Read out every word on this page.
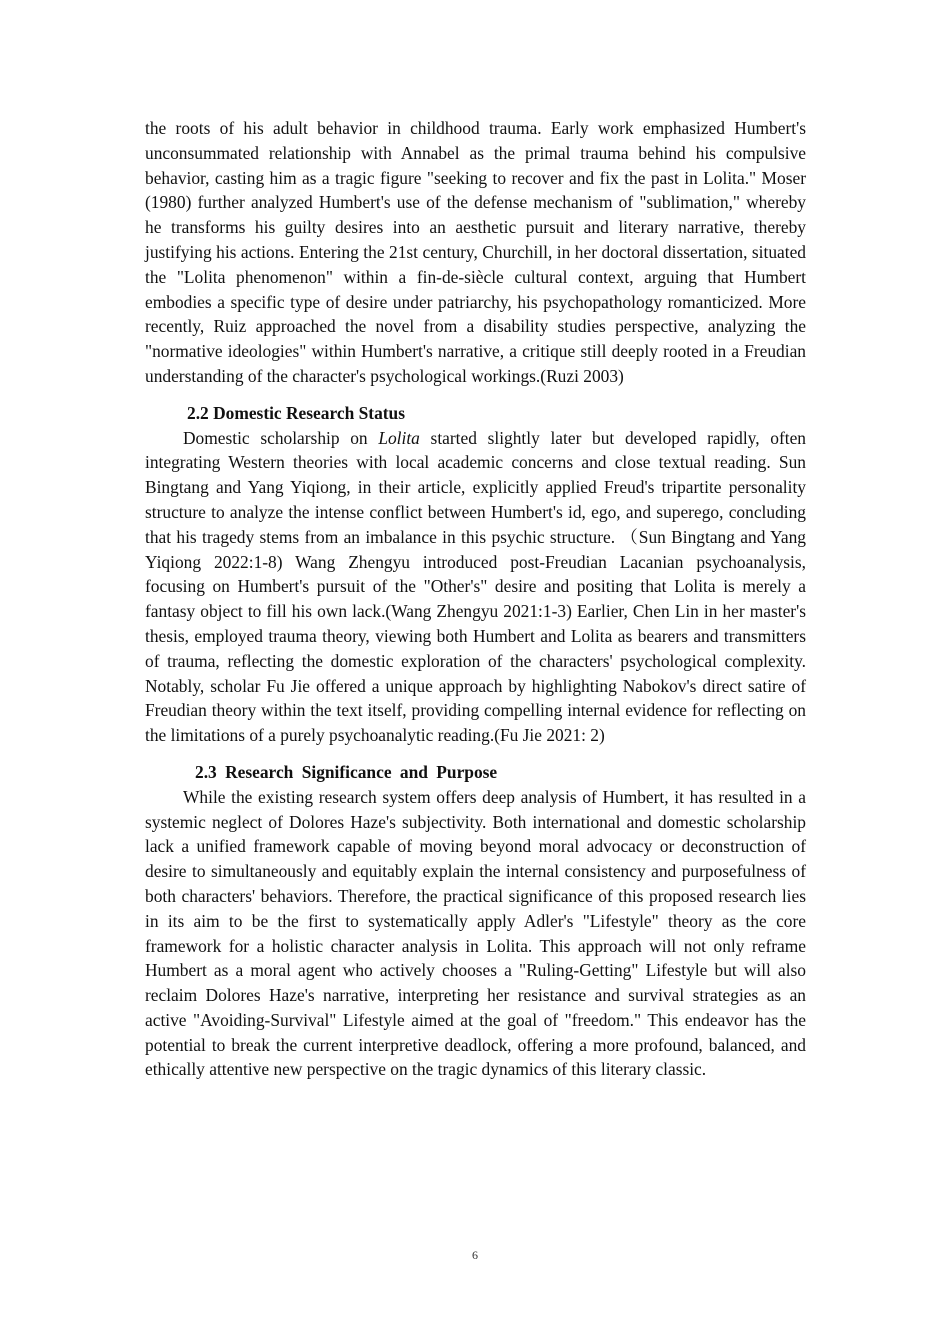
the roots of his adult behavior in childhood trauma. Early work emphasized Humbert's unconsummated relationship with Annabel as the primal trauma behind his compulsive behavior, casting him as a tragic figure "seeking to recover and fix the past in Lolita." Moser (1980) further analyzed Humbert's use of the defense mechanism of "sublimation," whereby he transforms his guilty desires into an aesthetic pursuit and literary narrative, thereby justifying his actions. Entering the 21st century, Churchill, in her doctoral dissertation, situated the "Lolita phenomenon" within a fin-de-siècle cultural context, arguing that Humbert embodies a specific type of desire under patriarchy, his psychopathology romanticized. More recently, Ruiz approached the novel from a disability studies perspective, analyzing the "normative ideologies" within Humbert's narrative, a critique still deeply rooted in a Freudian understanding of the character's psychological workings.(Ruzi 2003)

2.2 Domestic Research Status

Domestic scholarship on Lolita started slightly later but developed rapidly, often integrating Western theories with local academic concerns and close textual reading. Sun Bingtang and Yang Yiqiong, in their article, explicitly applied Freud's tripartite personality structure to analyze the intense conflict between Humbert's id, ego, and superego, concluding that his tragedy stems from an imbalance in this psychic structure. （Sun Bingtang and Yang Yiqiong 2022:1-8) Wang Zhengyu introduced post-Freudian Lacanian psychoanalysis, focusing on Humbert's pursuit of the "Other's" desire and positing that Lolita is merely a fantasy object to fill his own lack.(Wang Zhengyu 2021:1-3) Earlier, Chen Lin in her master's thesis, employed trauma theory, viewing both Humbert and Lolita as bearers and transmitters of trauma, reflecting the domestic exploration of the characters' psychological complexity. Notably, scholar Fu Jie offered a unique approach by highlighting Nabokov's direct satire of Freudian theory within the text itself, providing compelling internal evidence for reflecting on the limitations of a purely psychoanalytic reading.(Fu Jie 2021: 2)

2.3 Research Significance and Purpose

While the existing research system offers deep analysis of Humbert, it has resulted in a systemic neglect of Dolores Haze's subjectivity. Both international and domestic scholarship lack a unified framework capable of moving beyond moral advocacy or deconstruction of desire to simultaneously and equitably explain the internal consistency and purposefulness of both characters' behaviors. Therefore, the practical significance of this proposed research lies in its aim to be the first to systematically apply Adler's "Lifestyle" theory as the core framework for a holistic character analysis in Lolita. This approach will not only reframe Humbert as a moral agent who actively chooses a "Ruling-Getting" Lifestyle but will also reclaim Dolores Haze's narrative, interpreting her resistance and survival strategies as an active "Avoiding-Survival" Lifestyle aimed at the goal of "freedom." This endeavor has the potential to break the current interpretive deadlock, offering a more profound, balanced, and ethically attentive new perspective on the tragic dynamics of this literary classic.

6
